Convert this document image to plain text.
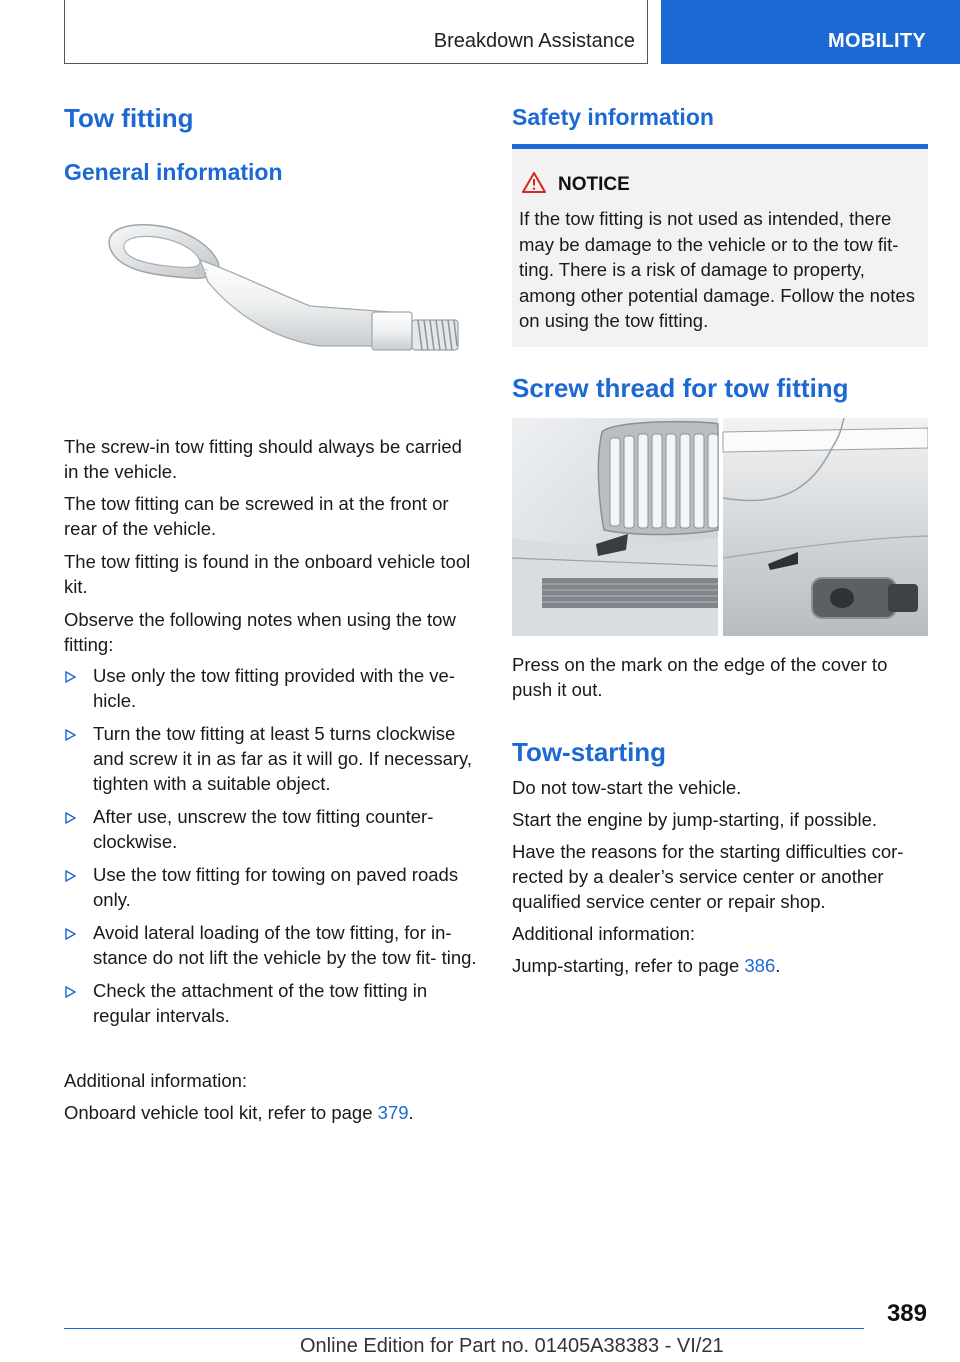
Breakdown Assistance	MOBILITY
Tow fitting
General information
BG

The screw-in tow fitting should always be carried in the vehicle.

The tow fitting can be screwed in at the front or rear of the vehicle.

The tow fitting is found in the onboard vehicle tool kit.

Observe the following notes when using the tow fitting:

Use only the tow fitting provided with the ve‐ hicle.
Turn the tow fitting at least 5 turns clockwise and screw it in as far as it will go. If necessary, tighten with a suitable object.
After use, unscrew the tow fitting counter‐ clockwise.
Use the tow fitting for towing on paved roads only.
Avoid lateral loading of the tow fitting, for in‐ stance do not lift the vehicle by the tow fit‐ ting.
Check the attachment of the tow fitting in regular intervals.

Additional information:

Onboard vehicle tool kit, refer to page 379.

Safety information
NOTICE
If the tow fitting is not used as intended, there may be damage to the vehicle or to the tow fit‐ ting. There is a risk of damage to property, among other potential damage. Follow the notes on using the tow fitting.
Screw thread for tow fitting

Press on the mark on the edge of the cover to push it out.

Tow-starting

Do not tow-start the vehicle.

Start the engine by jump-starting, if possible.

Have the reasons for the starting difficulties cor‐ rected by a dealer’s service center or another qualified service center or repair shop.

Additional information:

Jump-starting, refer to page 386.

389
Online Edition for Part no. 01405A38383 - VI/21
